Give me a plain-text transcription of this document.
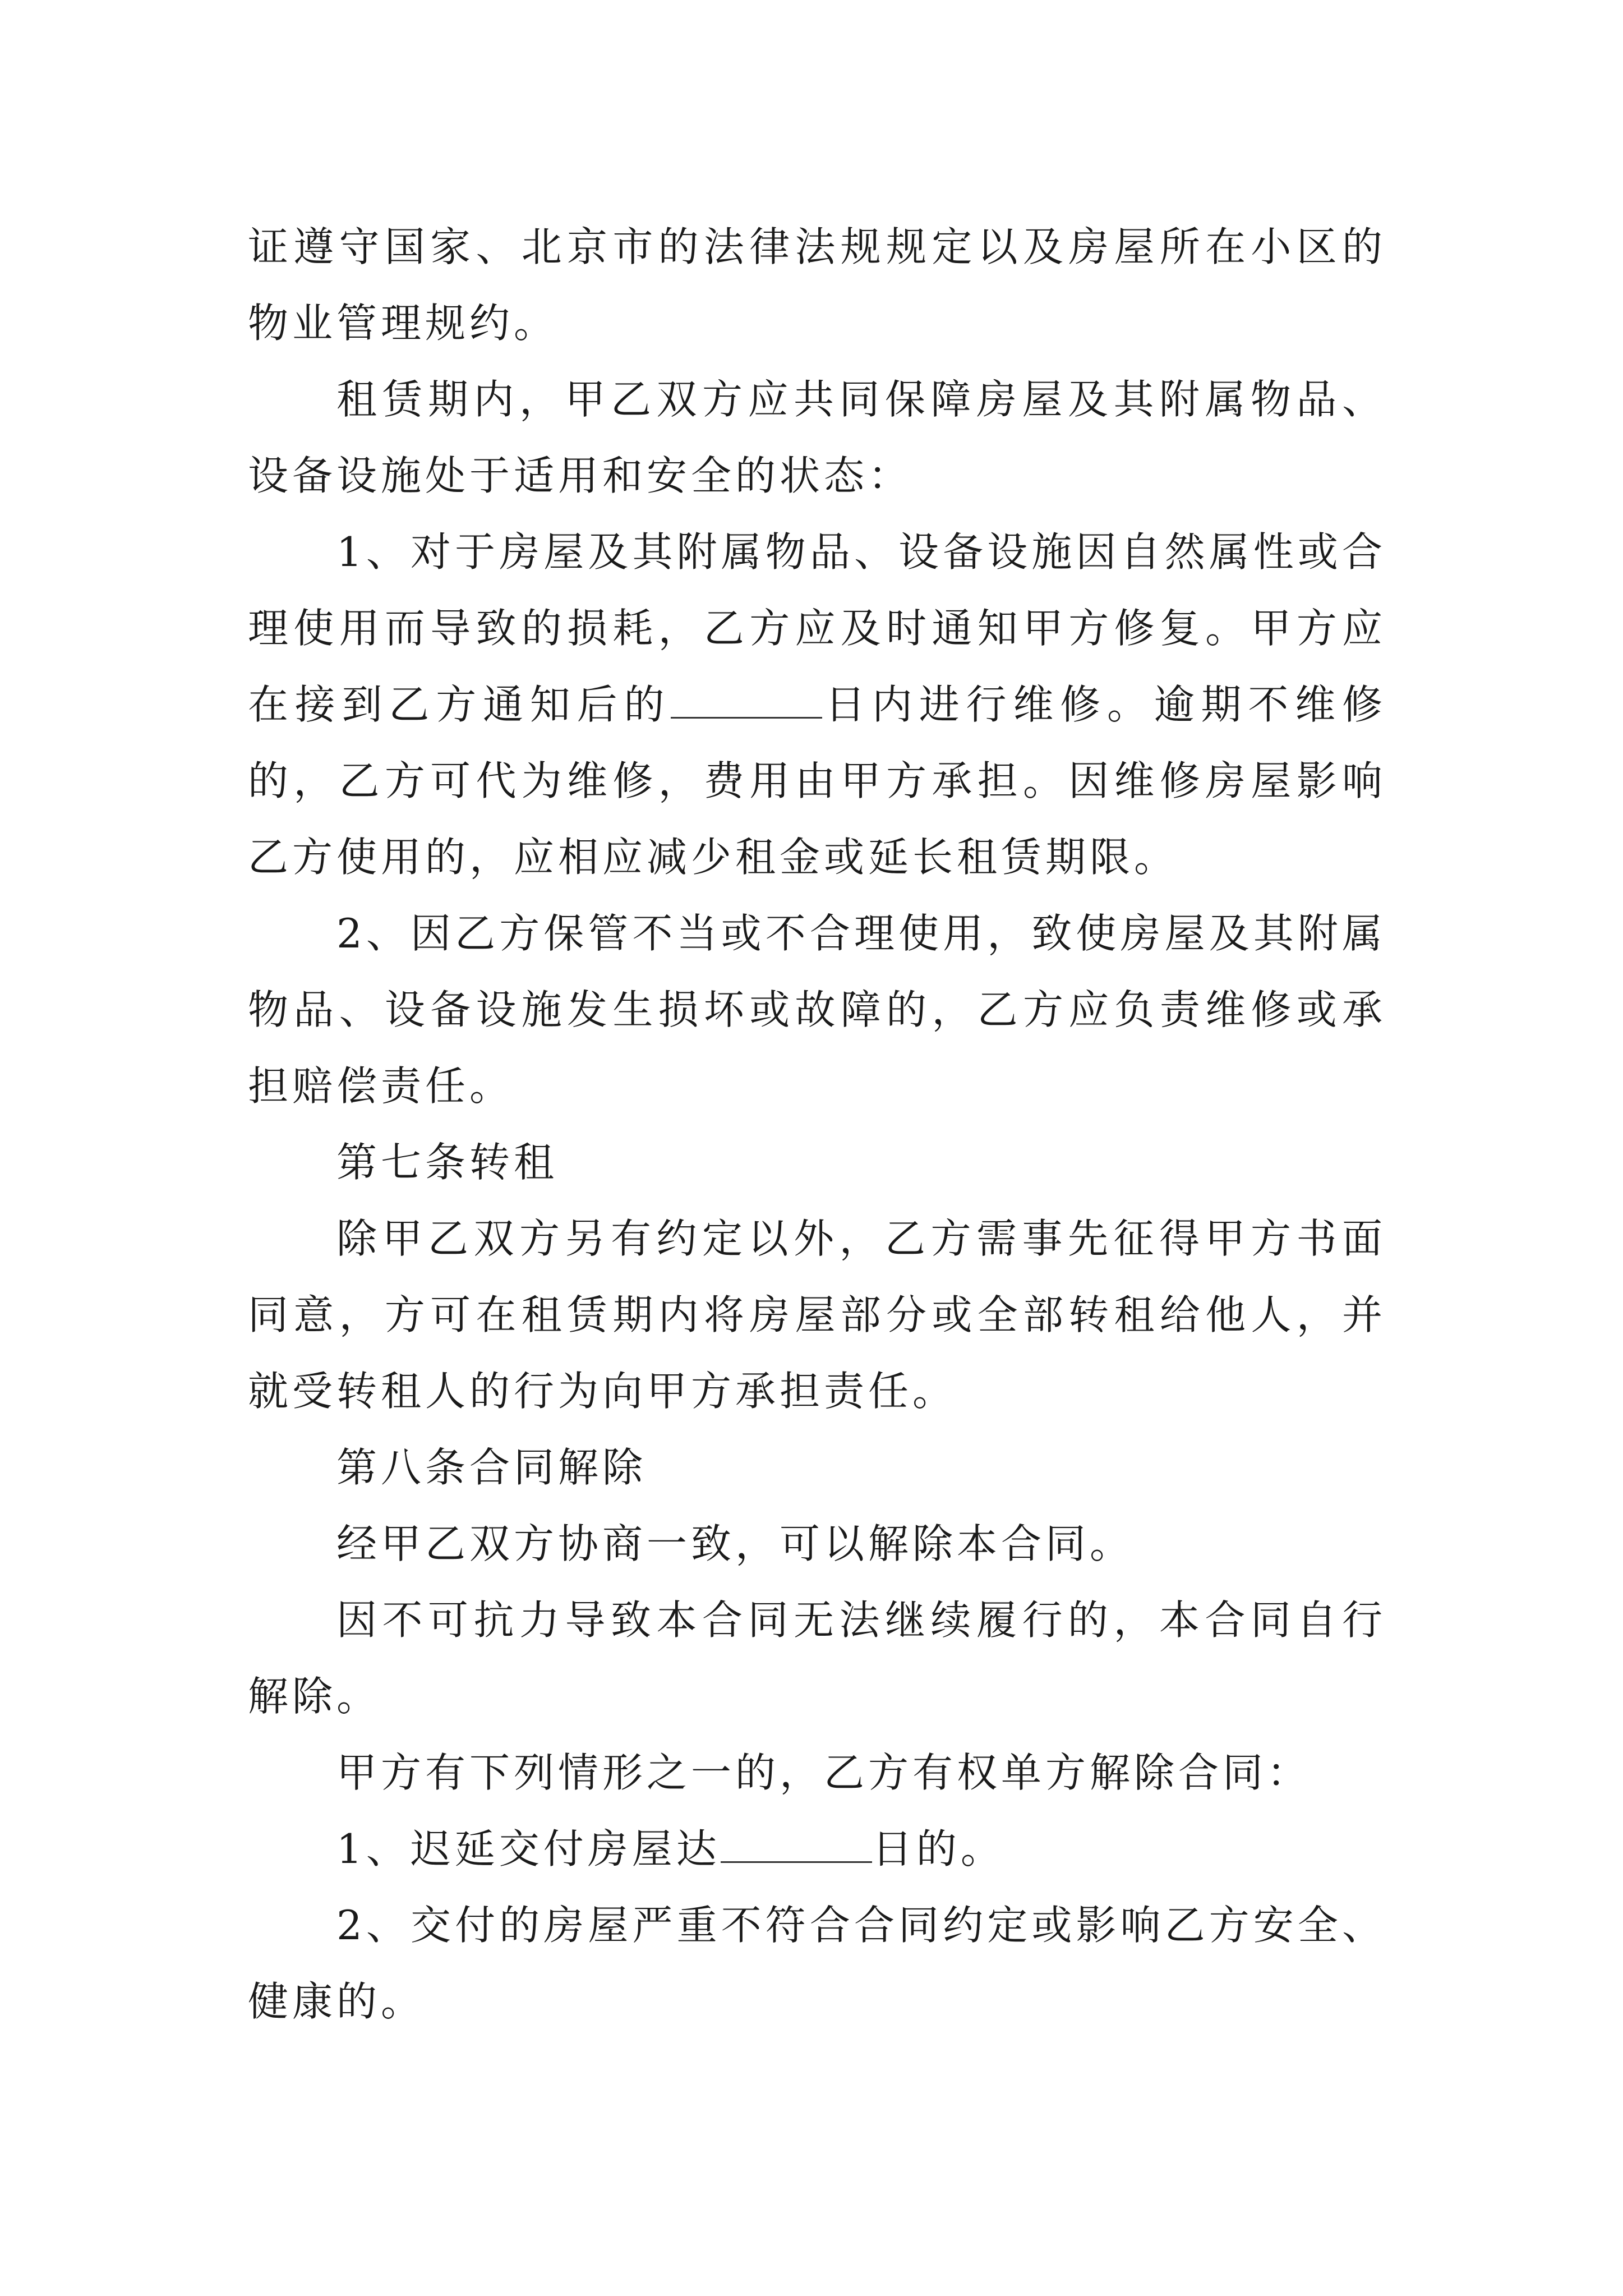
证遵守国家、北京市的法律法规规定以及房屋所在小区的物业管理规约。

租赁期内，甲乙双方应共同保障房屋及其附属物品、设备设施处于适用和安全的状态：

1、对于房屋及其附属物品、设备设施因自然属性或合理使用而导致的损耗，乙方应及时通知甲方修复。甲方应在接到乙方通知后的	日内进行维修。逾期不维修的，乙方可代为维修，费用由甲方承担。因维修房屋影响乙方使用的，应相应减少租金或延长租赁期限。

2、因乙方保管不当或不合理使用，致使房屋及其附属物品、设备设施发生损坏或故障的，乙方应负责维修或承担赔偿责任。

第七条转租

除甲乙双方另有约定以外，乙方需事先征得甲方书面同意，方可在租赁期内将房屋部分或全部转租给他人，并就受转租人的行为向甲方承担责任。

第八条合同解除

经甲乙双方协商一致，可以解除本合同。

因不可抗力导致本合同无法继续履行的，本合同自行解除。

甲方有下列情形之一的，乙方有权单方解除合同：

1、迟延交付房屋达	日的。

2、交付的房屋严重不符合合同约定或影响乙方安全、健康的。
